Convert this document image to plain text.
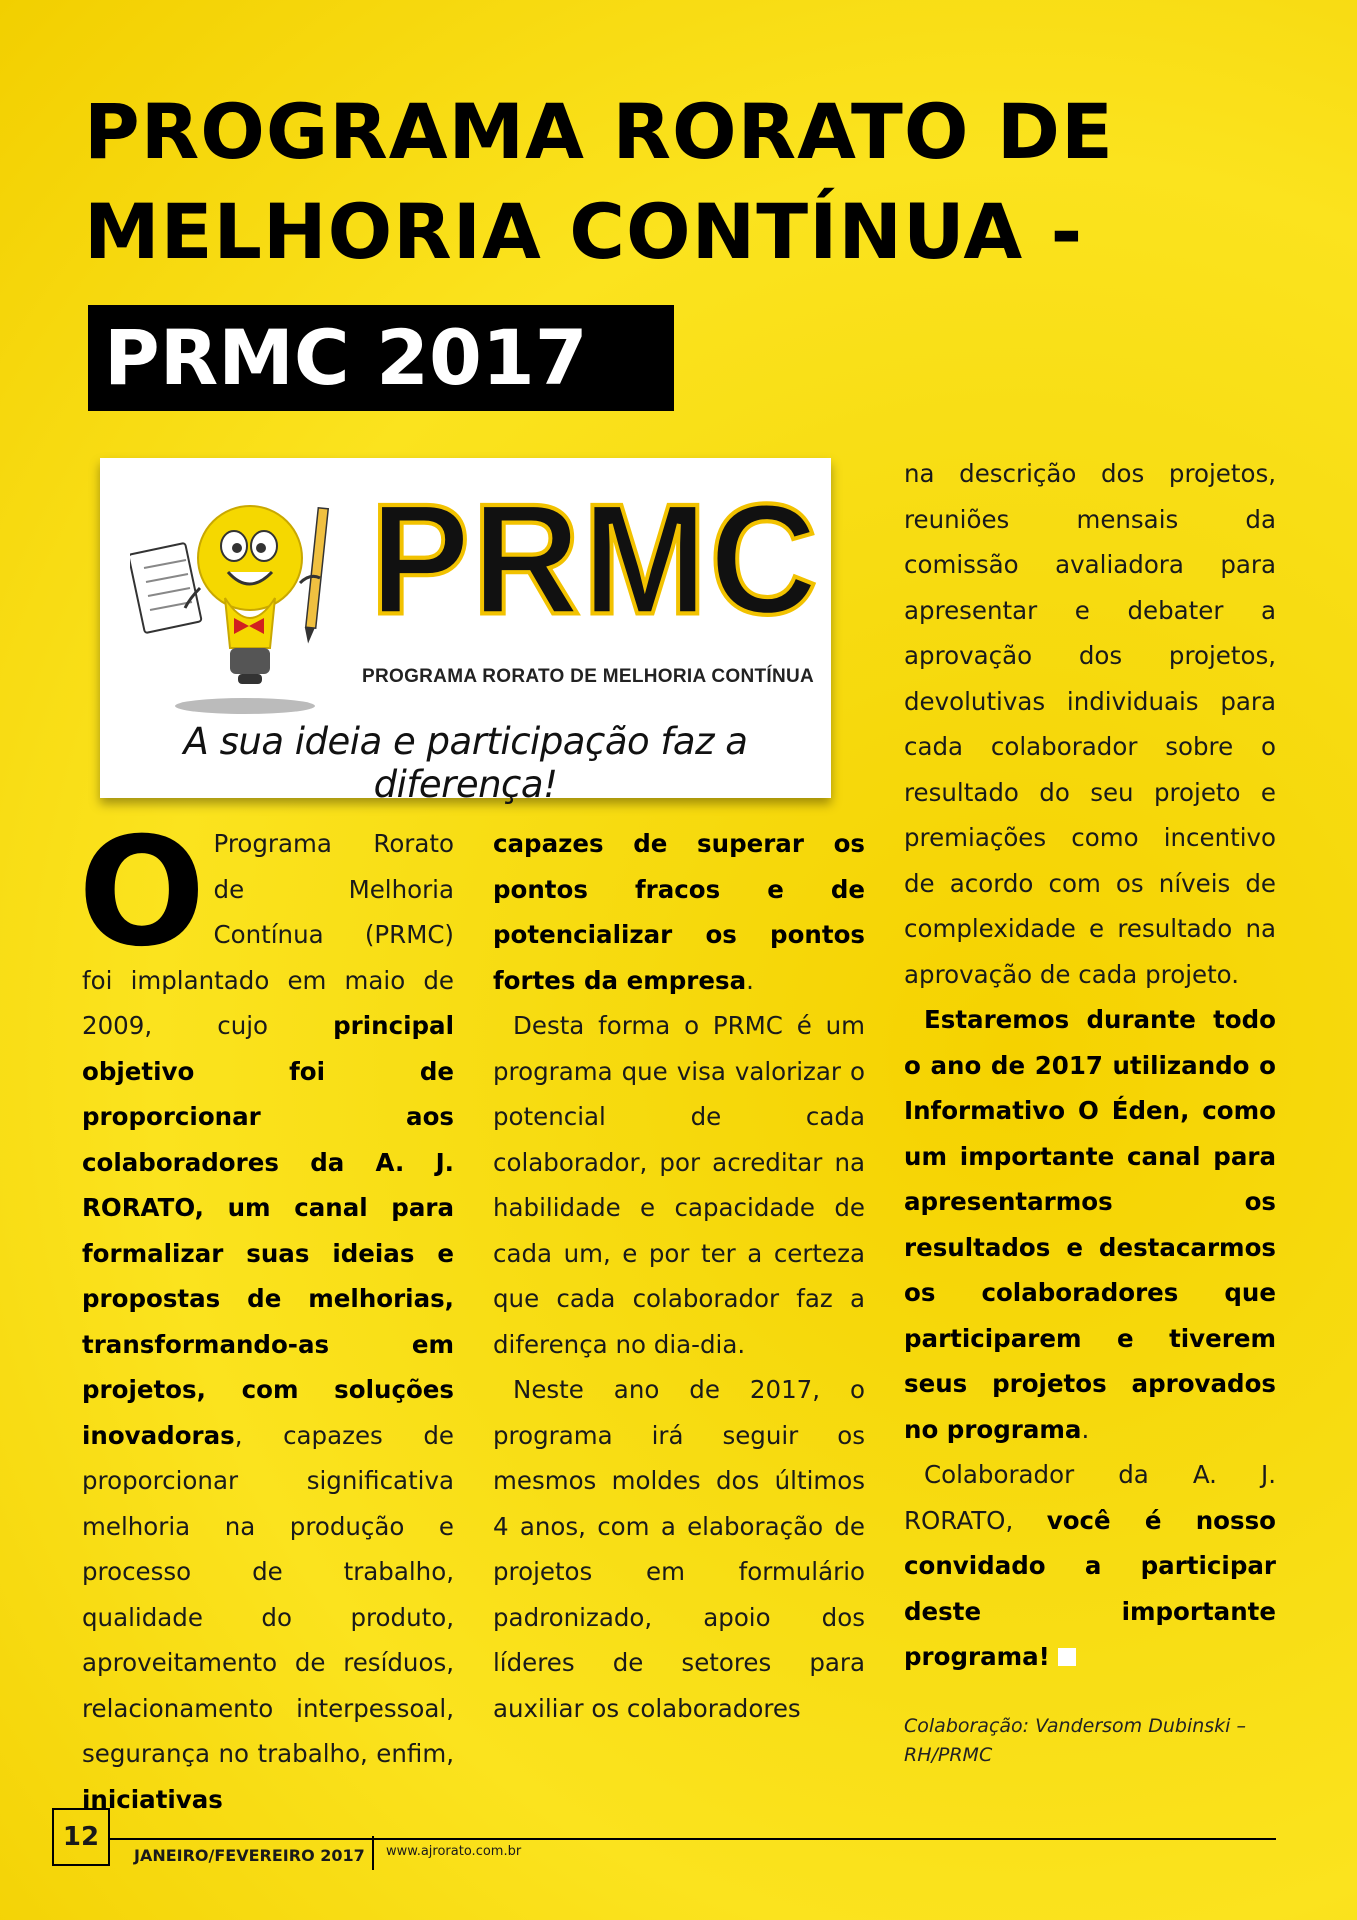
PROGRAMA RORATO DE
MELHORIA CONTÍNUA -
PRMC 2017
PRMC
PROGRAMA RORATO DE MELHORIA CONTÍNUA
A sua ideia e participação faz a diferença!

O Programa Rorato de Melhoria Contínua (PRMC) foi implantado em maio de 2009, cujo principal objetivo foi de proporcionar aos colaboradores da A. J. RORATO, um canal para formalizar suas ideias e propostas de melhorias, transformando-as em projetos, com soluções inovadoras, capazes de proporcionar significativa melhoria na produção e processo de trabalho, qualidade do produto, aproveitamento de resíduos, relacionamento interpessoal, segurança no trabalho, enfim, iniciativas

capazes de superar os pontos fracos e de potencializar os pontos fortes da empresa.

Desta forma o PRMC é um programa que visa valorizar o potencial de cada colaborador, por acreditar na habilidade e capacidade de cada um, e por ter a certeza que cada colaborador faz a diferença no dia-dia.

Neste ano de 2017, o programa irá seguir os mesmos moldes dos últimos 4 anos, com a elaboração de projetos em formulário padronizado, apoio dos líderes de setores para auxiliar os colaboradores

na descrição dos projetos, reuniões mensais da comissão avaliadora para apresentar e debater a aprovação dos projetos, devolutivas individuais para cada colaborador sobre o resultado do seu projeto e premiações como incentivo de acordo com os níveis de complexidade e resultado na aprovação de cada projeto.

Estaremos durante todo o ano de 2017 utilizando o Informativo O Éden, como um importante canal para apresentarmos os resultados e destacarmos os colaboradores que participarem e tiverem seus projetos aprovados no programa.

Colaborador da A. J. RORATO, você é nosso convidado a participar deste importante programa!

Colaboração: Vandersom Dubinski – RH/PRMC
12
JANEIRO/FEVEREIRO 2017 www.ajrorato.com.br
